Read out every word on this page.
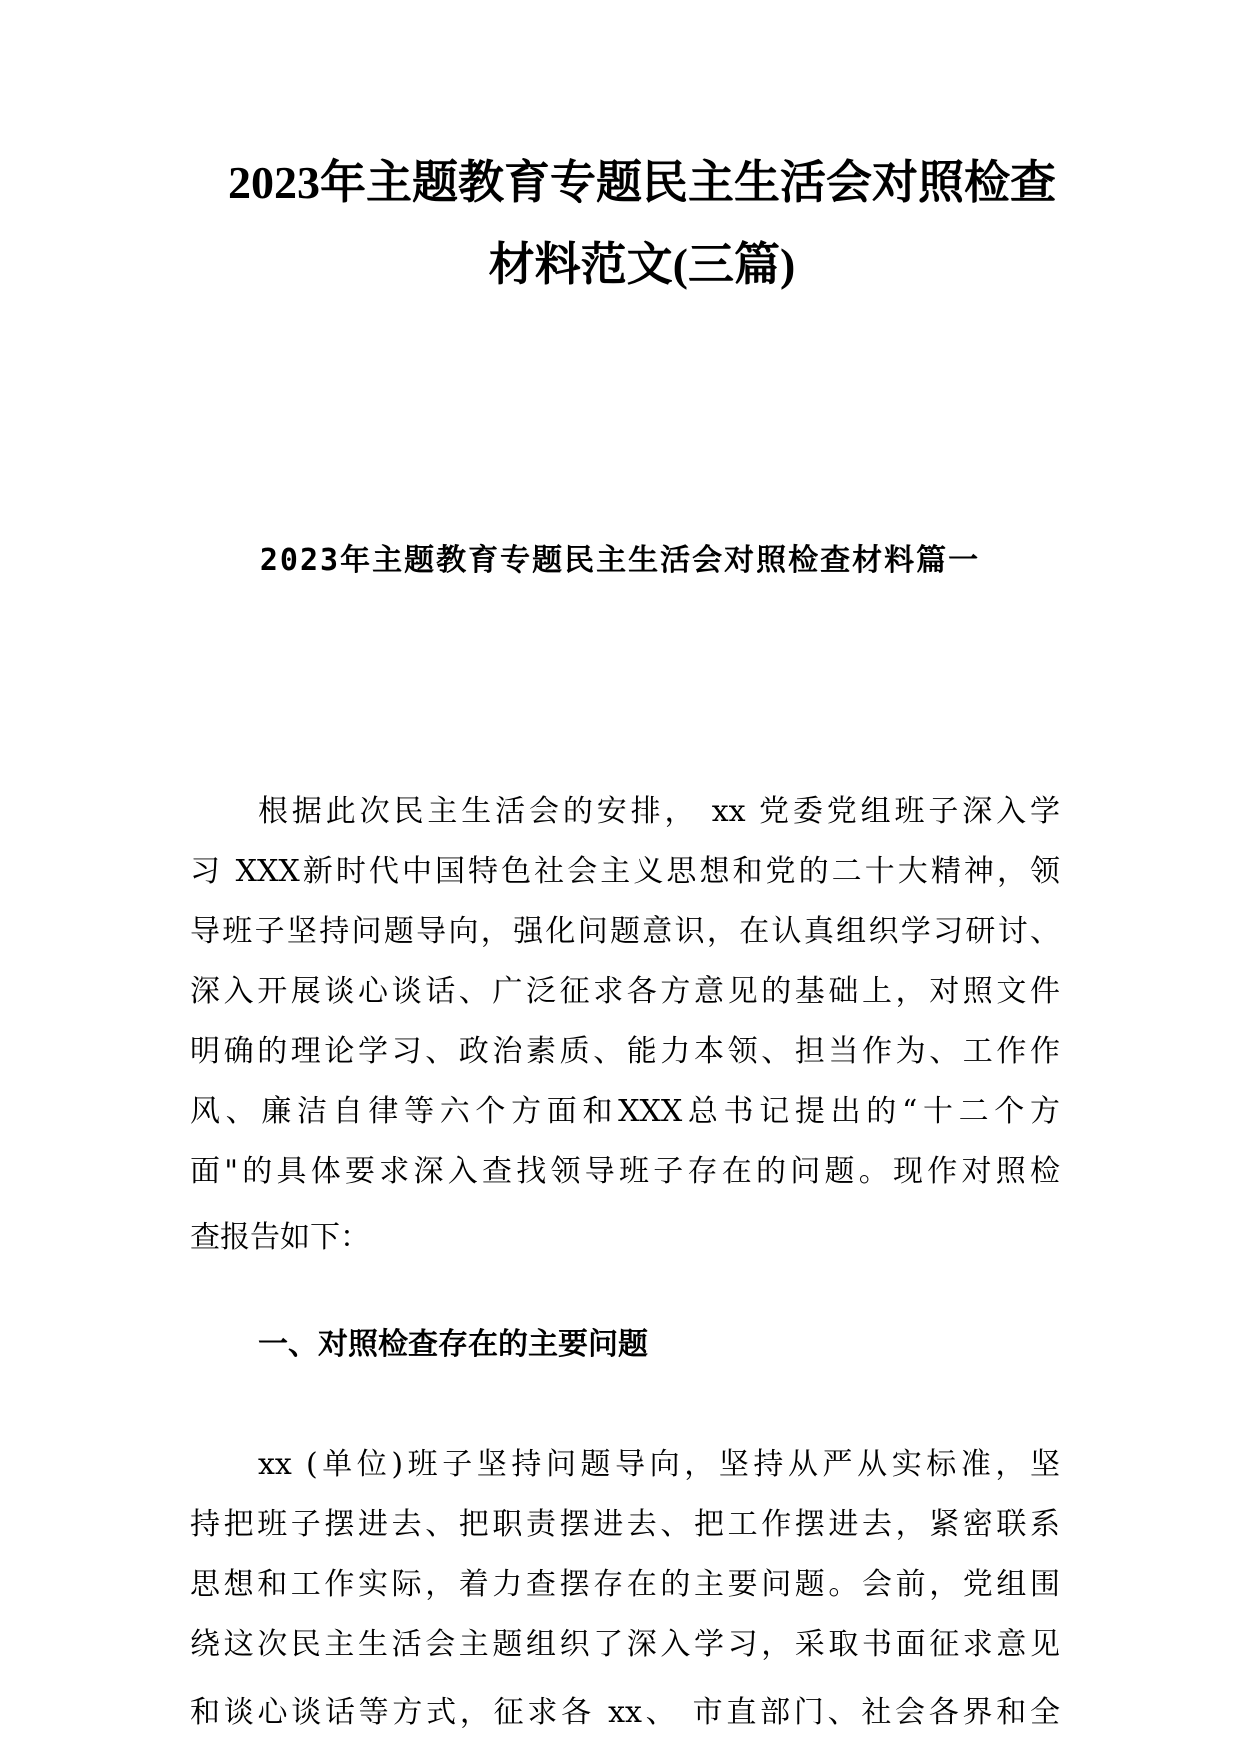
2023年主题教育专题民主生活会对照检查
材料范文(三篇)
2023年主题教育专题民主生活会对照检查材料篇一

根据此次民主生活会的安排， xx 党委党组班子深入学

习 XXX新时代中国特色社会主义思想和党的二十大精神，领

导班子坚持问题导向，强化问题意识，在认真组织学习研讨、

深入开展谈心谈话、广泛征求各方意见的基础上，对照文件

明确的理论学习、政治素质、能力本领、担当作为、工作作

风、廉洁自律等六个方面和XXX总书记提出的“十二个方

面"的具体要求深入查找领导班子存在的问题。现作对照检

查报告如下：

一、对照检查存在的主要问题

xx (单位)班子坚持问题导向，坚持从严从实标准，坚

持把班子摆进去、把职责摆进去、把工作摆进去，紧密联系

思想和工作实际，着力查摆存在的主要问题。会前，党组围

绕这次民主生活会主题组织了深入学习，采取书面征求意见

和谈心谈话等方式，征求各 xx、 市直部门、社会各界和全
